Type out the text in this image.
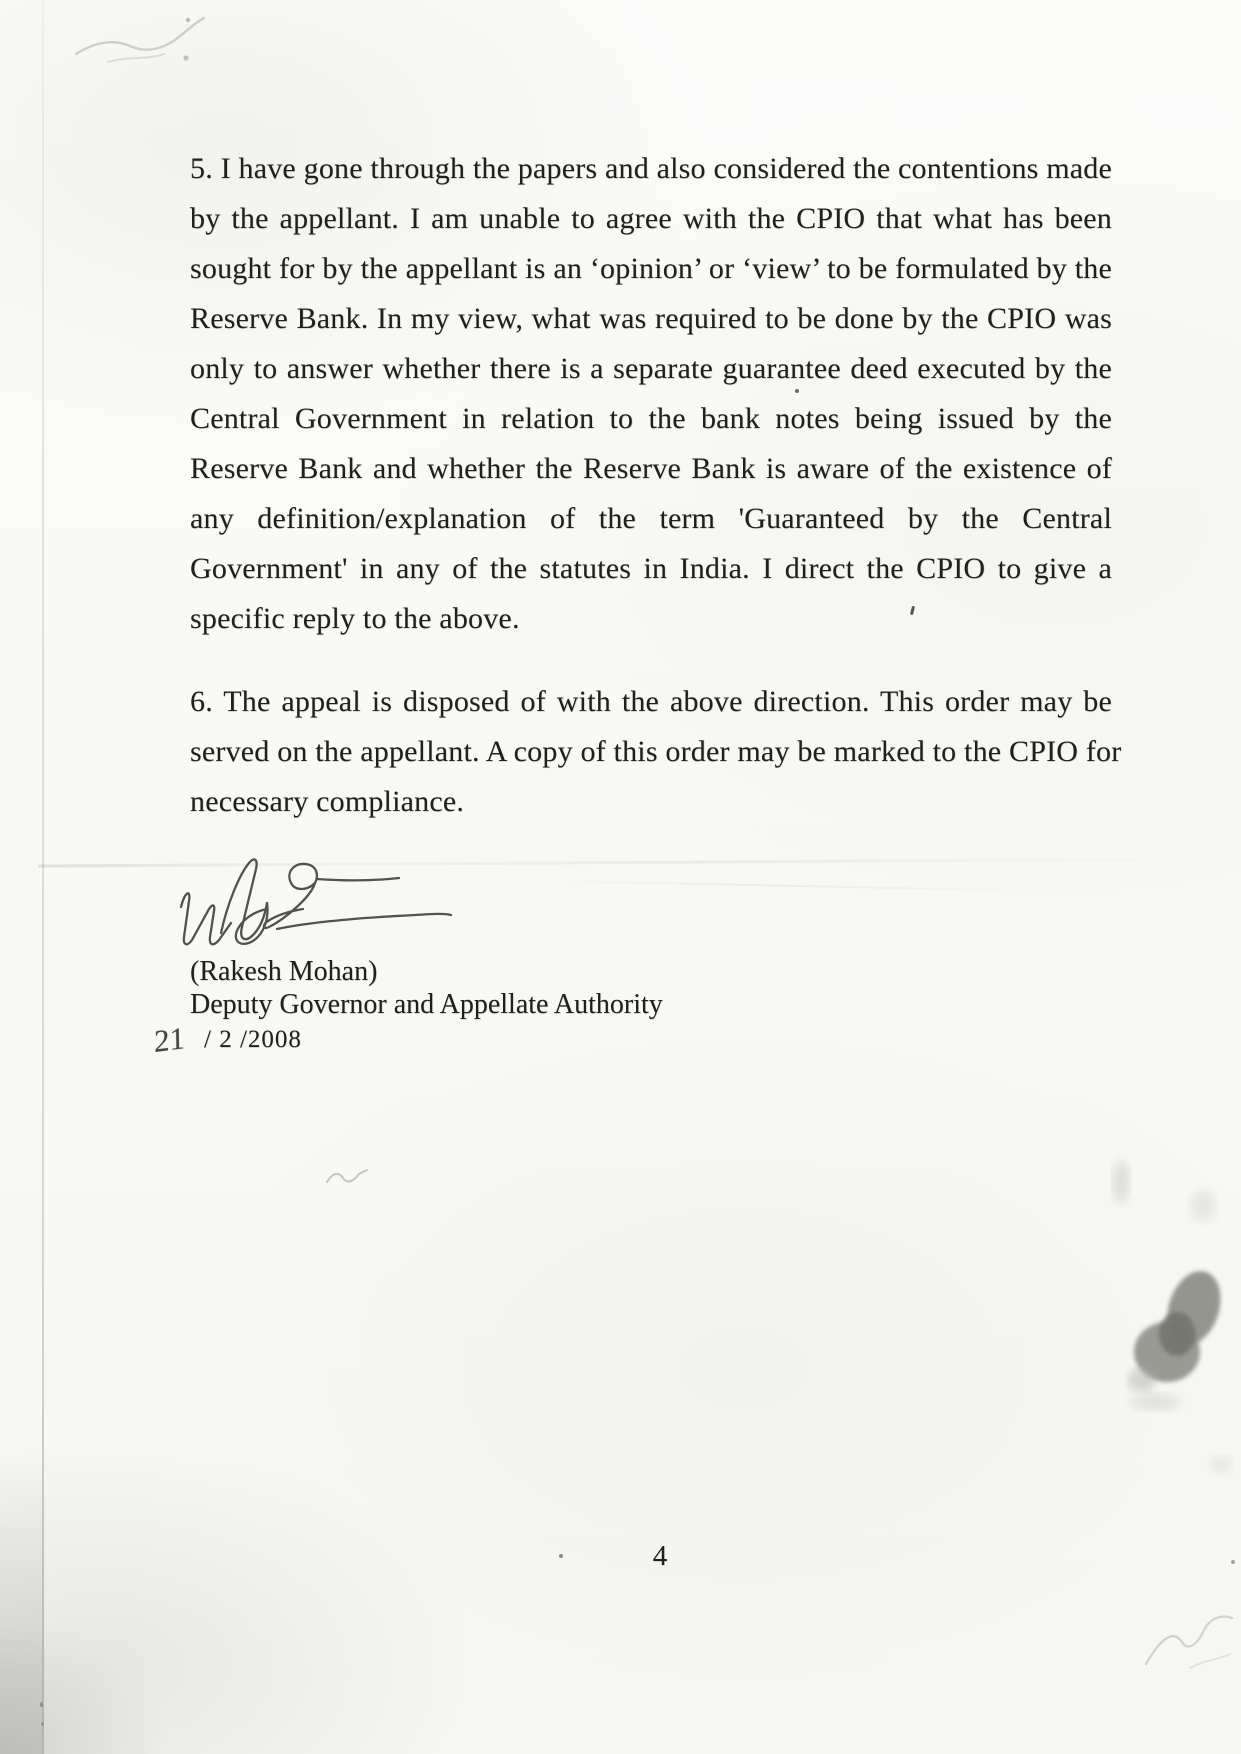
5. I have gone through the papers and also considered the contentions made
by the appellant. I am unable to agree with the CPIO that what has been
sought for by the appellant is an ‘opinion’ or ‘view’ to be formulated by the
Reserve Bank. In my view, what was required to be done by the CPIO was
only to answer whether there is a separate guarantee deed executed by the
Central Government in relation to the bank notes being issued by the
Reserve Bank and whether the Reserve Bank is aware of the existence of
any definition/explanation of the term 'Guaranteed by the Central
Government' in any of the statutes in India. I direct the CPIO to give a
specific reply to the above.
6. The appeal is disposed of with the above direction. This order may be
served on the appellant. A copy of this order may be marked to the CPIO for
necessary compliance.
(Rakesh Mohan)
Deputy Governor and Appellate Authority
21 / 2 /2008
4
